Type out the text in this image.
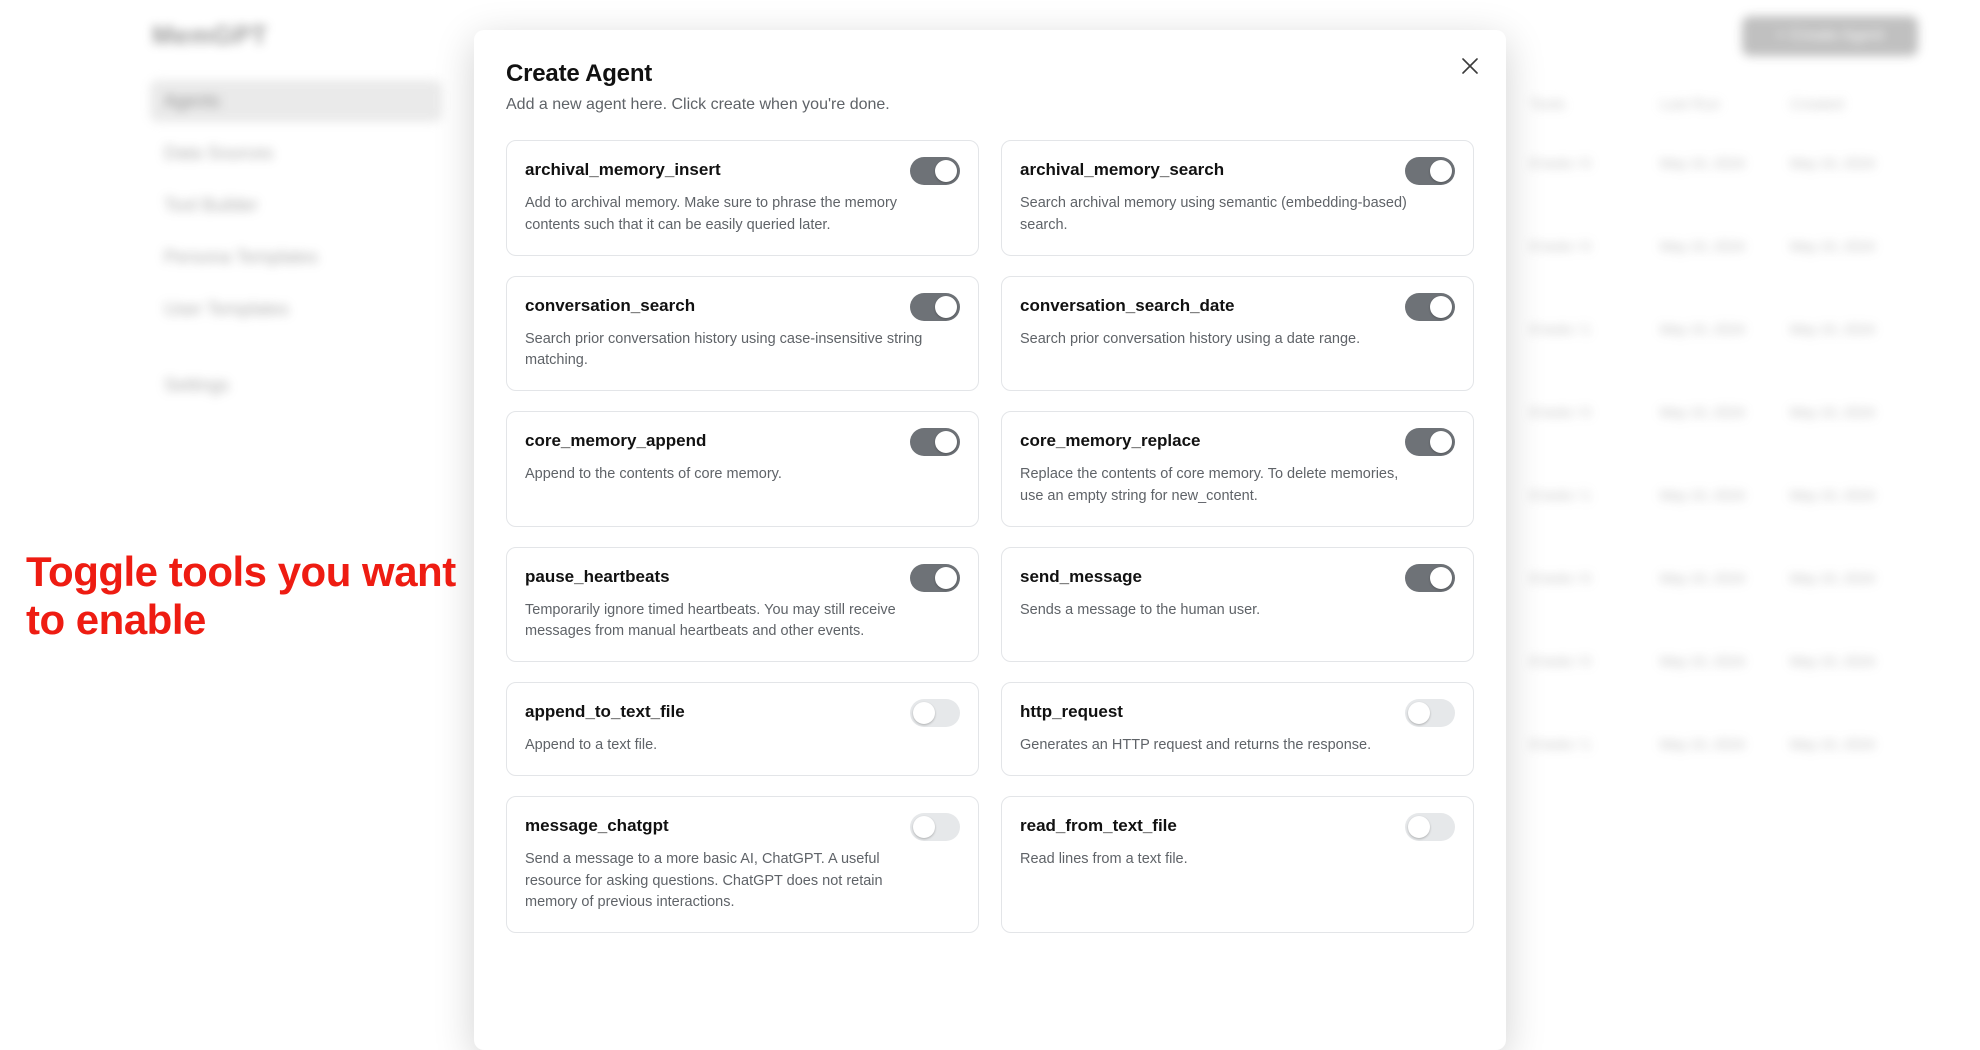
MemGPT
Agents
Data Sources
Tool Builder
Persona Templates
User Templates
Settings
+ Create Agent
Tools	Last Run	Created
8 tools / 0	May 10, 2024	May 10, 2024
8 tools / 0	May 10, 2024	May 10, 2024
8 tools / 1	May 10, 2024	May 10, 2024
8 tools / 0	May 10, 2024	May 10, 2024
8 tools / 1	May 10, 2024	May 10, 2024
8 tools / 0	May 10, 2024	May 10, 2024
8 tools / 0	May 10, 2024	May 10, 2024
8 tools / 1	May 10, 2024	May 10, 2024
Create Agent

Add a new agent here. Click create when you're done.

archival_memory_insert
Add to archival memory. Make sure to phrase the memory contents such that it can be easily queried later.
archival_memory_search
Search archival memory using semantic (embedding-based) search.
conversation_search
Search prior conversation history using case-insensitive string matching.
conversation_search_date
Search prior conversation history using a date range.
core_memory_append
Append to the contents of core memory.
core_memory_replace
Replace the contents of core memory. To delete memories, use an empty string for new_content.
pause_heartbeats
Temporarily ignore timed heartbeats. You may still receive messages from manual heartbeats and other events.
send_message
Sends a message to the human user.
append_to_text_file
Append to a text file.
http_request
Generates an HTTP request and returns the response.
message_chatgpt
Send a message to a more basic AI, ChatGPT. A useful resource for asking questions. ChatGPT does not retain memory of previous interactions.
read_from_text_file
Read lines from a text file.
Toggle tools you want to enable
